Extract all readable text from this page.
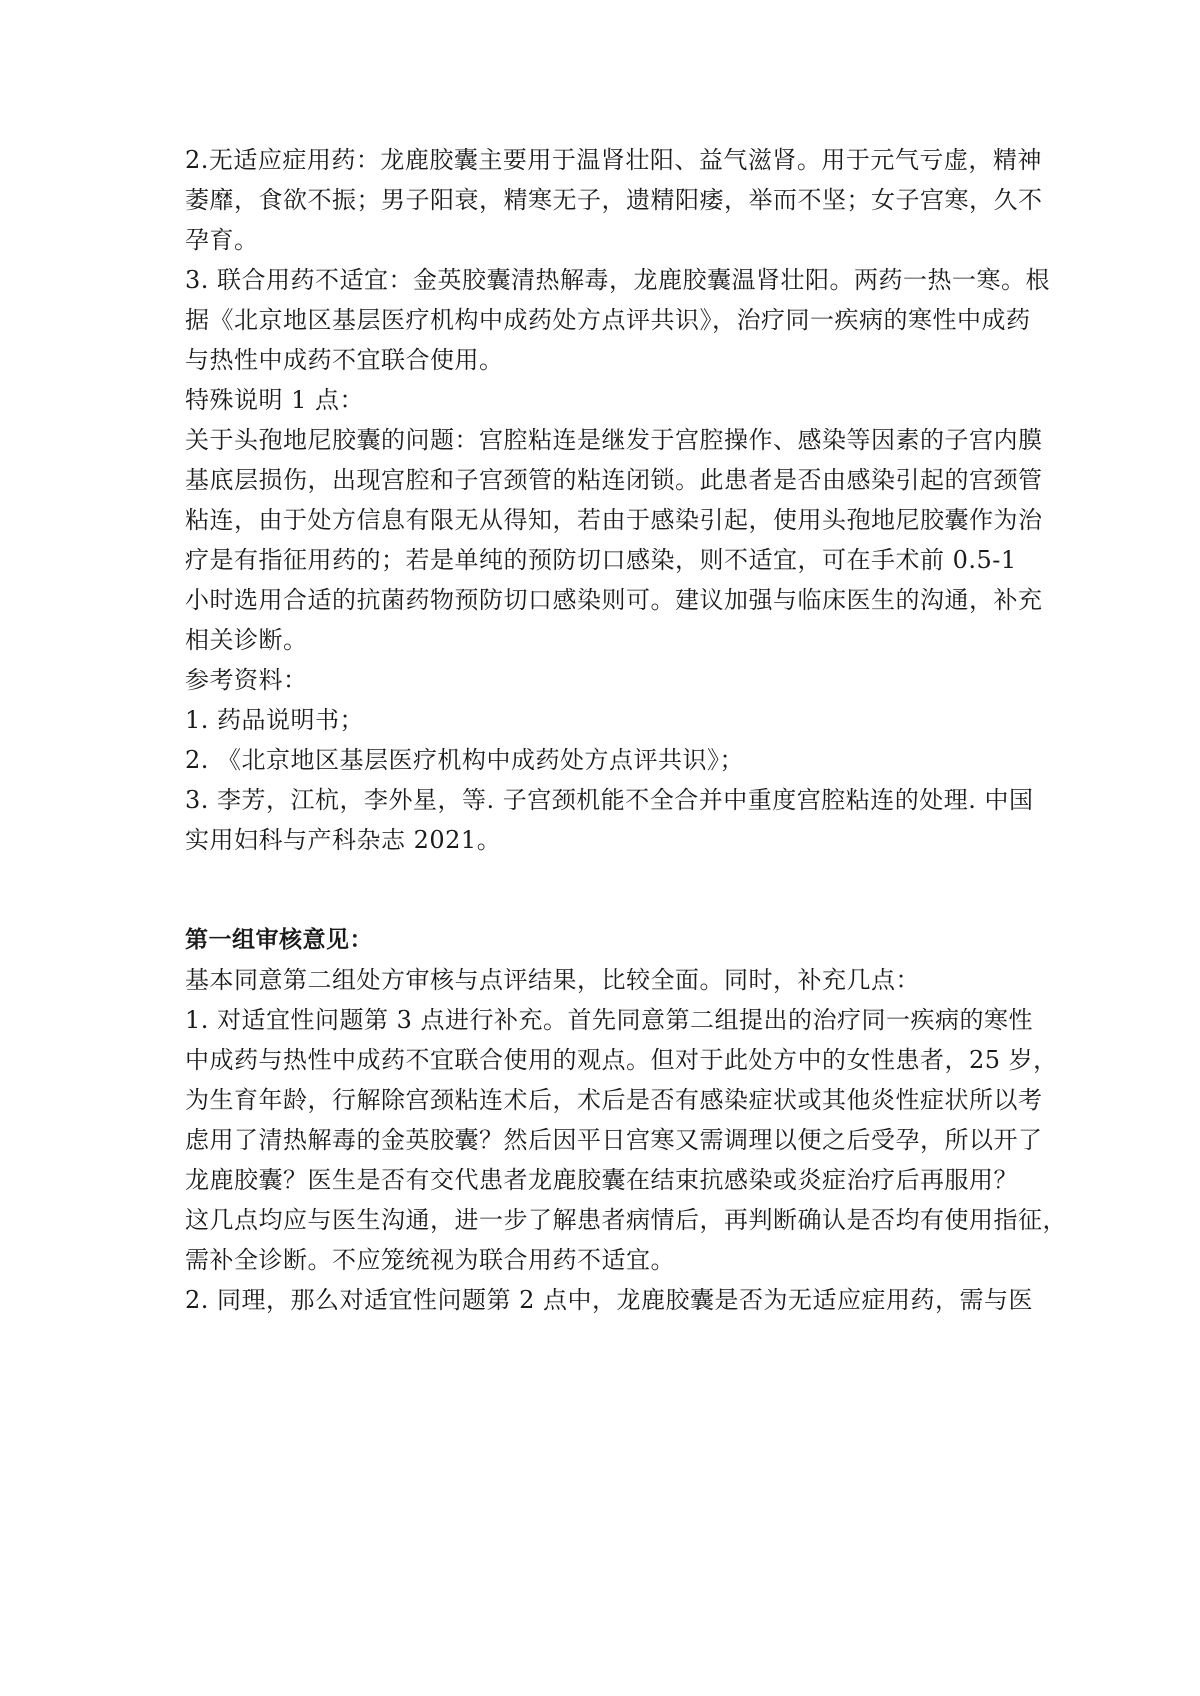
2.无适应症用药：龙鹿胶囊主要用于温肾壮阳、益气滋肾。用于元气亏虚，精神
萎靡，食欲不振；男子阳衰，精寒无子，遗精阳痿，举而不坚；女子宫寒，久不
孕育。
3. 联合用药不适宜：金英胶囊清热解毒，龙鹿胶囊温肾壮阳。两药一热一寒。根
据《北京地区基层医疗机构中成药处方点评共识》，治疗同一疾病的寒性中成药
与热性中成药不宜联合使用。
特殊说明 1 点：
关于头孢地尼胶囊的问题：宫腔粘连是继发于宫腔操作、感染等因素的子宫内膜
基底层损伤，出现宫腔和子宫颈管的粘连闭锁。此患者是否由感染引起的宫颈管
粘连，由于处方信息有限无从得知，若由于感染引起，使用头孢地尼胶囊作为治
疗是有指征用药的；若是单纯的预防切口感染，则不适宜，可在手术前 0.5-1
小时选用合适的抗菌药物预防切口感染则可。建议加强与临床医生的沟通，补充
相关诊断。
参考资料：
1. 药品说明书；
2. 《北京地区基层医疗机构中成药处方点评共识》；
3. 李芳，江杭，李外星，等. 子宫颈机能不全合并中重度宫腔粘连的处理. 中国
实用妇科与产科杂志 2021。
第一组审核意见：
基本同意第二组处方审核与点评结果，比较全面。同时，补充几点：
1. 对适宜性问题第 3 点进行补充。首先同意第二组提出的治疗同一疾病的寒性
中成药与热性中成药不宜联合使用的观点。但对于此处方中的女性患者，25 岁，
为生育年龄，行解除宫颈粘连术后，术后是否有感染症状或其他炎性症状所以考
虑用了清热解毒的金英胶囊？然后因平日宫寒又需调理以便之后受孕，所以开了
龙鹿胶囊？医生是否有交代患者龙鹿胶囊在结束抗感染或炎症治疗后再服用？
这几点均应与医生沟通，进一步了解患者病情后，再判断确认是否均有使用指征，
需补全诊断。不应笼统视为联合用药不适宜。
2. 同理，那么对适宜性问题第 2 点中，龙鹿胶囊是否为无适应症用药，需与医
